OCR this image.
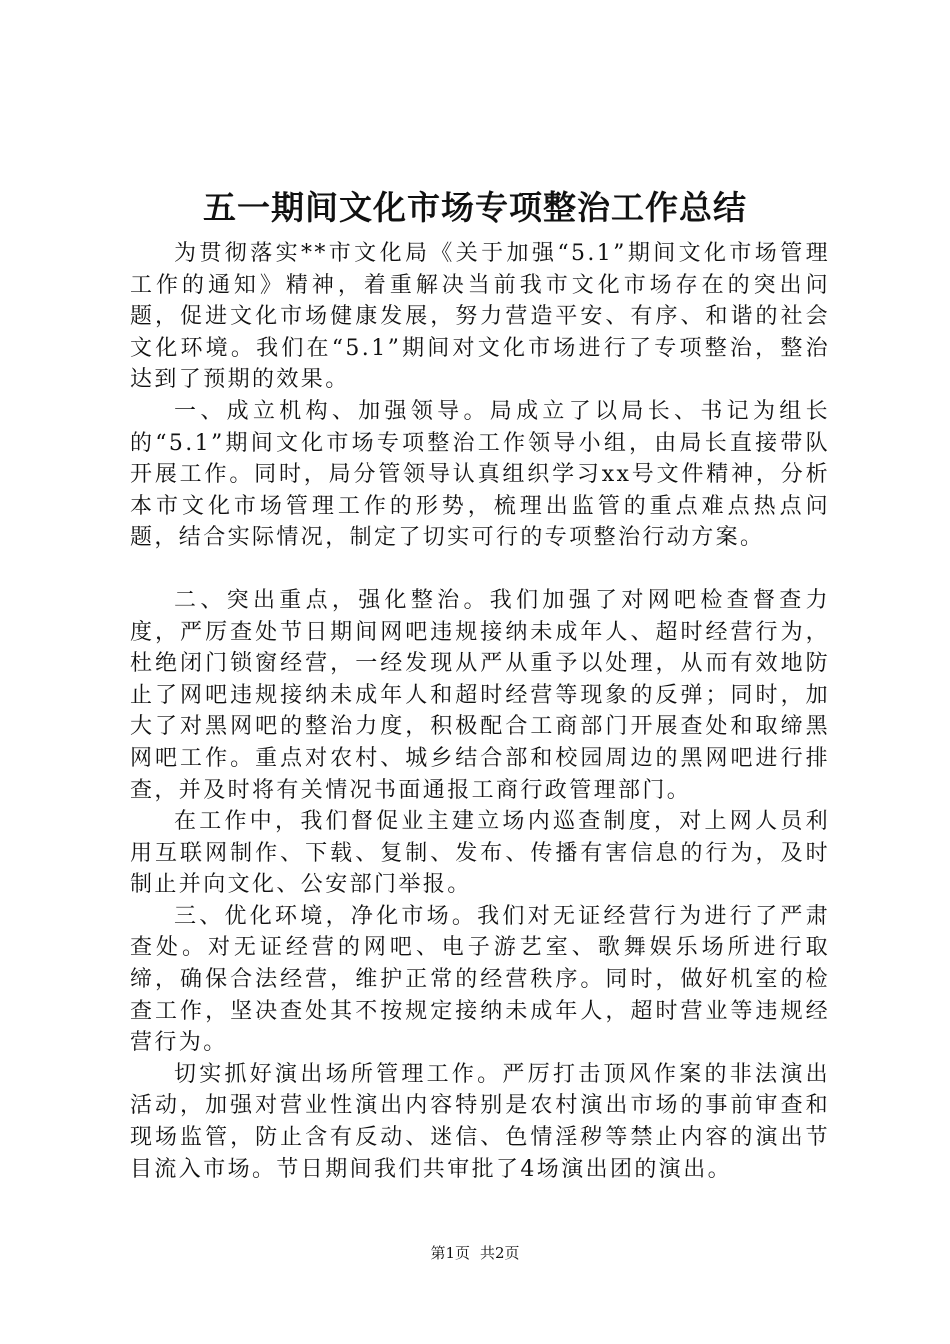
五一期间文化市场专项整治工作总结

为贯彻落实**市文化局《关于加强“5.1”期间文化市场管理工作的通知》精神，着重解决当前我市文化市场存在的突出问题，促进文化市场健康发展，努力营造平安、有序、和谐的社会文化环境。我们在“5.1”期间对文化市场进行了专项整治，整治达到了预期的效果。

一、成立机构、加强领导。局成立了以局长、书记为组长的“5.1”期间文化市场专项整治工作领导小组，由局长直接带队开展工作。同时，局分管领导认真组织学习xx号文件精神，分析本市文化市场管理工作的形势，梳理出监管的重点难点热点问题，结合实际情况，制定了切实可行的专项整治行动方案。

二、突出重点，强化整治。我们加强了对网吧检查督查力度，严厉查处节日期间网吧违规接纳未成年人、超时经营行为，杜绝闭门锁窗经营，一经发现从严从重予以处理，从而有效地防止了网吧违规接纳未成年人和超时经营等现象的反弹；同时，加大了对黑网吧的整治力度，积极配合工商部门开展查处和取缔黑网吧工作。重点对农村、城乡结合部和校园周边的黑网吧进行排查，并及时将有关情况书面通报工商行政管理部门。

在工作中，我们督促业主建立场内巡查制度，对上网人员利用互联网制作、下载、复制、发布、传播有害信息的行为，及时制止并向文化、公安部门举报。

三、优化环境，净化市场。我们对无证经营行为进行了严肃查处。对无证经营的网吧、电子游艺室、歌舞娱乐场所进行取缔，确保合法经营，维护正常的经营秩序。同时，做好机室的检查工作，坚决查处其不按规定接纳未成年人，超时营业等违规经营行为。

切实抓好演出场所管理工作。严厉打击顶风作案的非法演出活动，加强对营业性演出内容特别是农村演出市场的事前审查和现场监管，防止含有反动、迷信、色情淫秽等禁止内容的演出节目流入市场。节日期间我们共审批了4场演出团的演出。

第1页 共2页
